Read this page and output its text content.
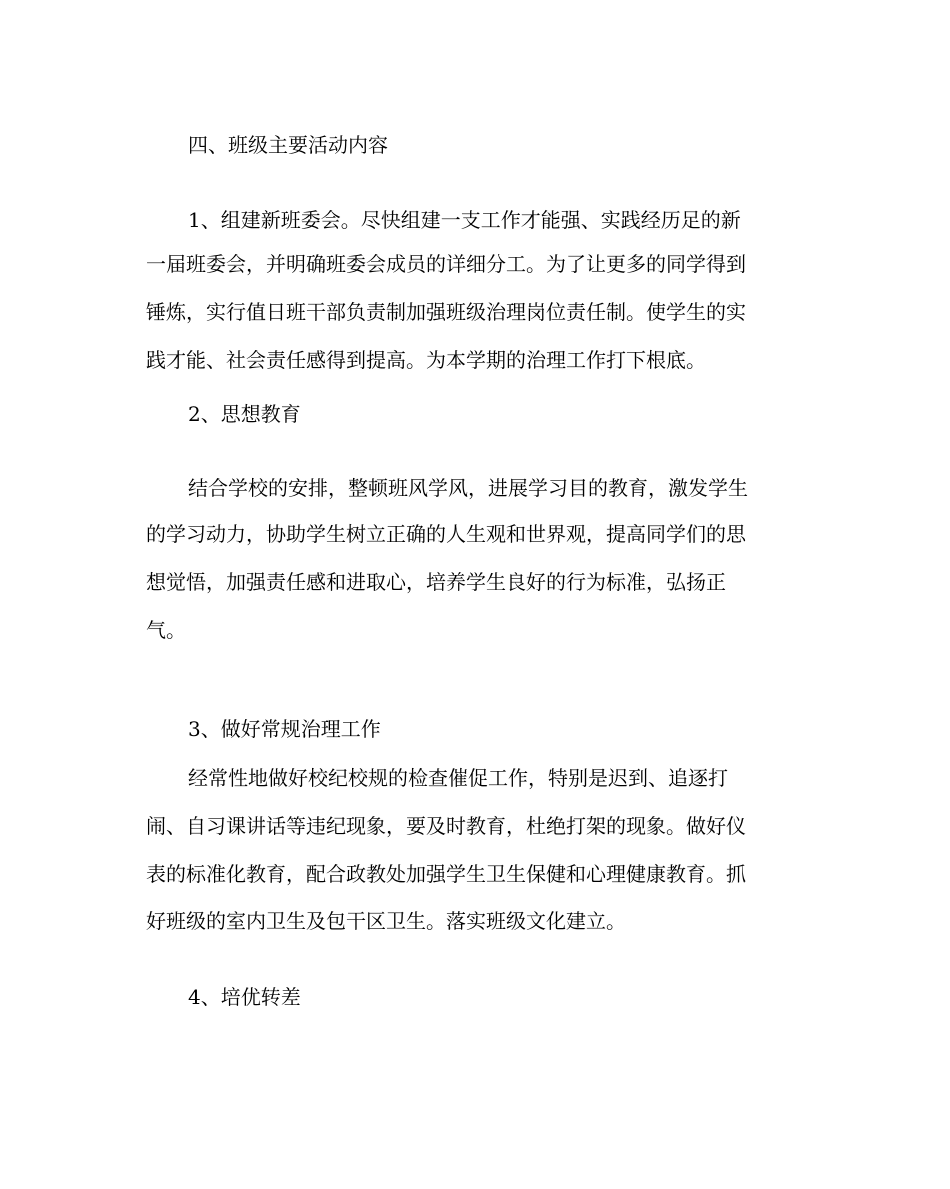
四、班级主要活动内容
1、组建新班委会。尽快组建一支工作才能强、实践经历足的新
一届班委会，并明确班委会成员的详细分工。为了让更多的同学得到
锤炼，实行值日班干部负责制加强班级治理岗位责任制。使学生的实
践才能、社会责任感得到提高。为本学期的治理工作打下根底。
2、思想教育
结合学校的安排，整顿班风学风，进展学习目的教育，激发学生
的学习动力，协助学生树立正确的人生观和世界观，提高同学们的思
想觉悟，加强责任感和进取心，培养学生良好的行为标准，弘扬正
气。
3、做好常规治理工作
经常性地做好校纪校规的检查催促工作，特别是迟到、追逐打
闹、自习课讲话等违纪现象，要及时教育，杜绝打架的现象。做好仪
表的标准化教育，配合政教处加强学生卫生保健和心理健康教育。抓
好班级的室内卫生及包干区卫生。落实班级文化建立。
4、培优转差
